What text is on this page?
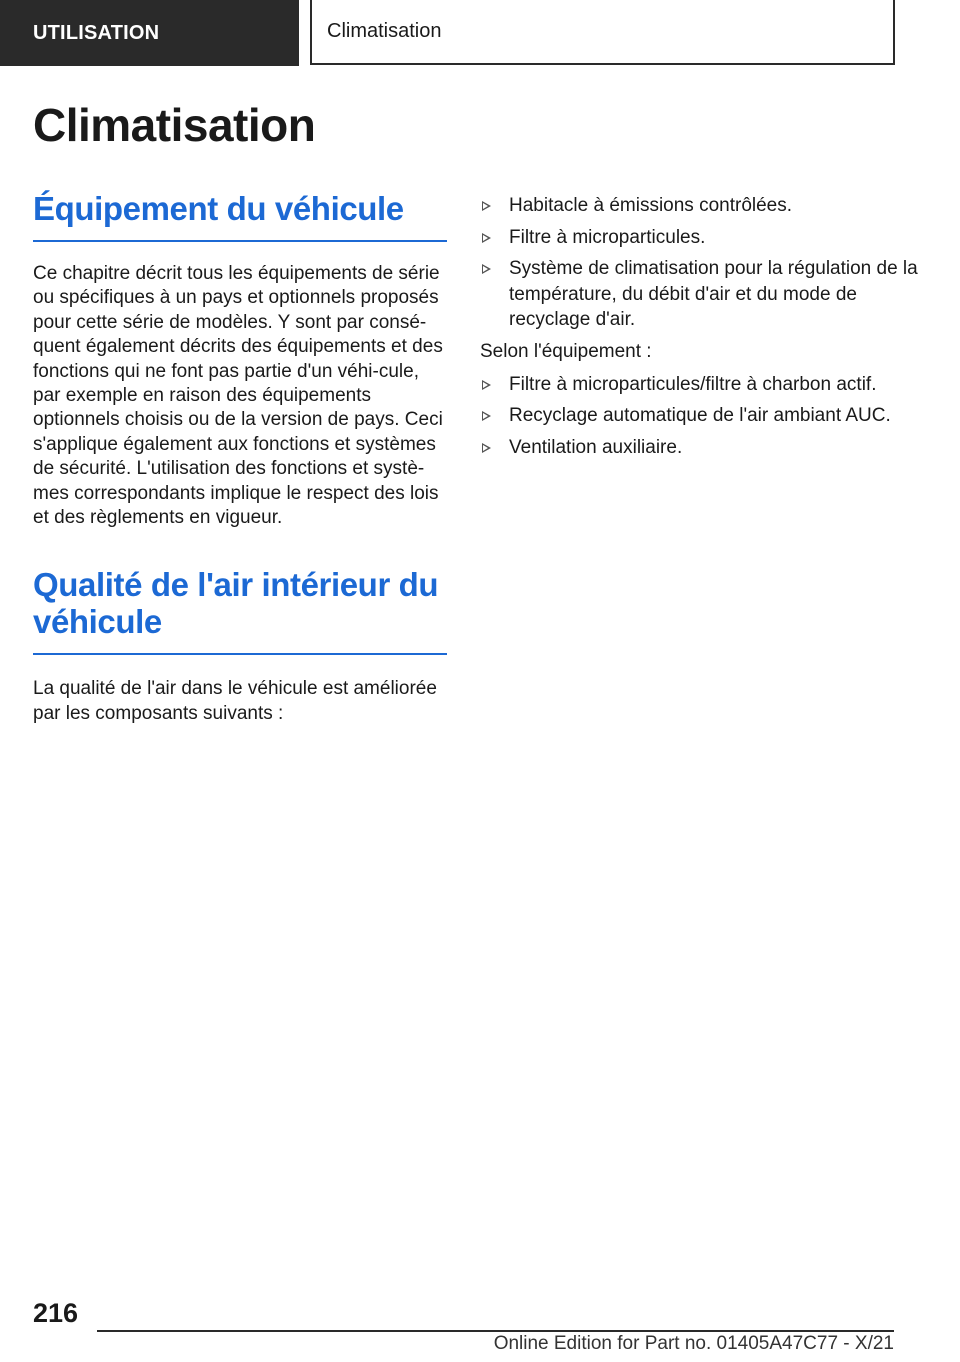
UTILISATION	Climatisation
Climatisation
Équipement du véhicule

Ce chapitre décrit tous les équipements de série ou spécifiques à un pays et optionnels proposés pour cette série de modèles. Y sont par consé-quent également décrits des équipements et des fonctions qui ne font pas partie d'un véhi-cule, par exemple en raison des équipements optionnels choisis ou de la version de pays. Ceci s'applique également aux fonctions et systèmes de sécurité. L'utilisation des fonctions et systè-mes correspondants implique le respect des lois et des règlements en vigueur.

Qualité de l'air intérieur du véhicule

La qualité de l'air dans le véhicule est améliorée par les composants suivants :

Habitacle à émissions contrôlées.
Filtre à microparticules.
Système de climatisation pour la régulation de la température, du débit d'air et du mode de recyclage d'air.

Selon l'équipement :

Filtre à microparticules/filtre à charbon actif.
Recyclage automatique de l'air ambiant AUC.
Ventilation auxiliaire.
216
Online Edition for Part no. 01405A47C77 - X/21
